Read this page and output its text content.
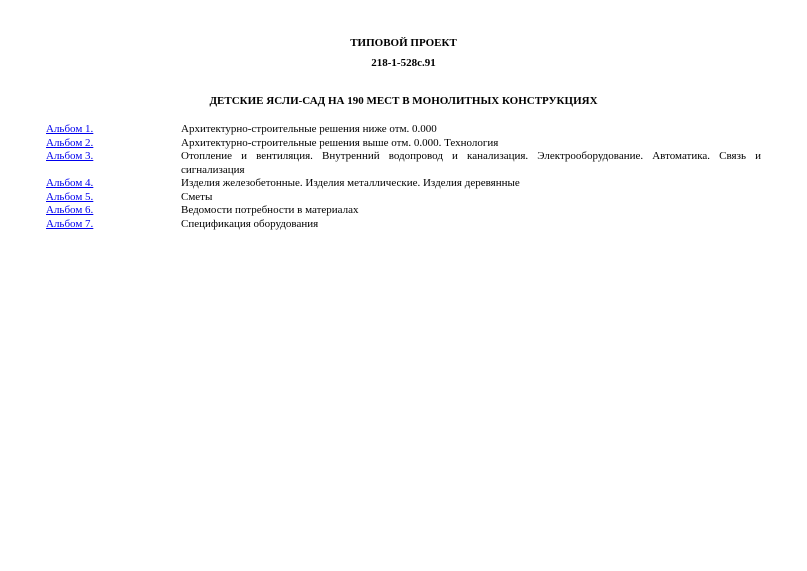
ТИПОВОЙ ПРОЕКТ
218-1-528с.91
ДЕТСКИЕ ЯСЛИ-САД НА 190 МЕСТ В МОНОЛИТНЫХ КОНСТРУКЦИЯХ
Альбом 1.	Архитектурно-строительные решения ниже отм. 0.000
Альбом 2.	Архитектурно-строительные решения выше отм. 0.000. Технология
Альбом 3.	Отопление и вентиляция. Внутренний водопровод и канализация. Электрооборудование. Автоматика. Связь и сигнализация
Альбом 4.	Изделия железобетонные. Изделия металлические. Изделия деревянные
Альбом 5.	Сметы
Альбом 6.	Ведомости потребности в материалах
Альбом 7.	Спецификация оборудования
